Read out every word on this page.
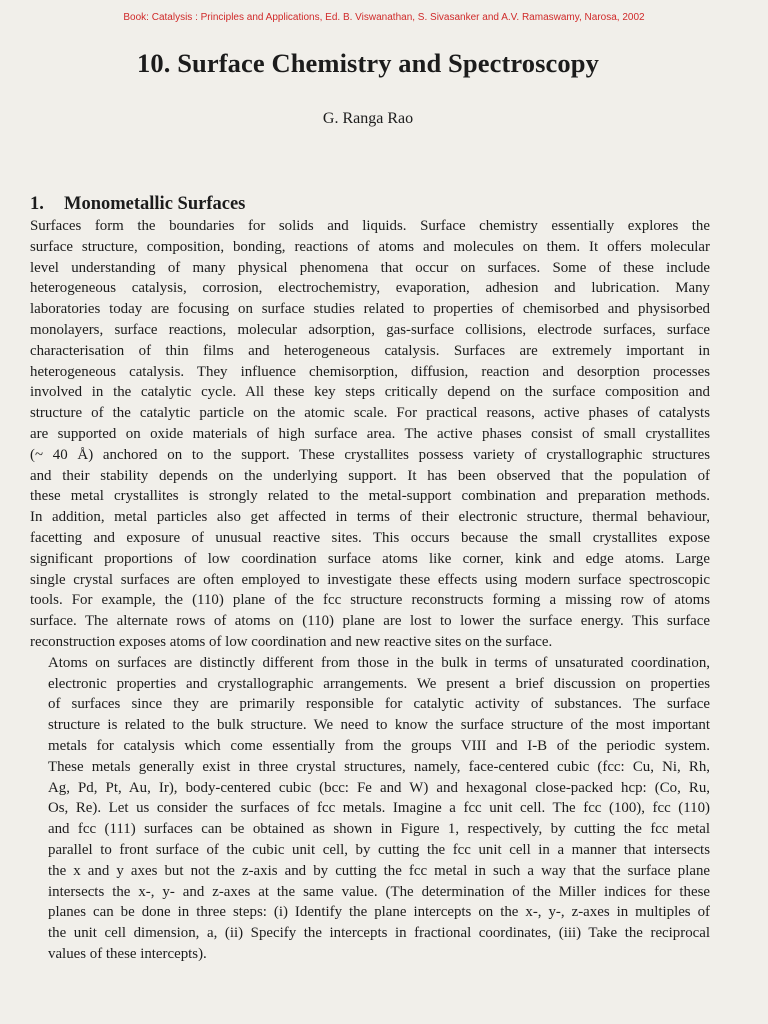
Book: Catalysis : Principles and Applications, Ed. B. Viswanathan, S. Sivasanker and A.V. Ramaswamy, Narosa, 2002
10. Surface Chemistry and Spectroscopy
G. Ranga Rao
1. Monometallic Surfaces

Surfaces form the boundaries for solids and liquids. Surface chemistry essentially explores the
surface structure, composition, bonding, reactions of atoms and molecules on them. It offers molecular
level understanding of many physical phenomena that occur on surfaces. Some of these include
heterogeneous catalysis, corrosion, electrochemistry, evaporation, adhesion and lubrication. Many
laboratories today are focusing on surface studies related to properties of chemisorbed and physisorbed
monolayers, surface reactions, molecular adsorption, gas-surface collisions, electrode surfaces, surface
characterisation of thin films and heterogeneous catalysis. Surfaces are extremely important in
heterogeneous catalysis. They influence chemisorption, diffusion, reaction and desorption processes
involved in the catalytic cycle. All these key steps critically depend on the surface composition and
structure of the catalytic particle on the atomic scale. For practical reasons, active phases of catalysts
are supported on oxide materials of high surface area. The active phases consist of small crystallites
(~ 40 Å) anchored on to the support. These crystallites possess variety of crystallographic structures
and their stability depends on the underlying support. It has been observed that the population of
these metal crystallites is strongly related to the metal-support combination and preparation methods.
In addition, metal particles also get affected in terms of their electronic structure, thermal behaviour,
facetting and exposure of unusual reactive sites. This occurs because the small crystallites expose
significant proportions of low coordination surface atoms like corner, kink and edge atoms. Large
single crystal surfaces are often employed to investigate these effects using modern surface spectroscopic
tools. For example, the (110) plane of the fcc structure reconstructs forming a missing row of atoms
surface. The alternate rows of atoms on (110) plane are lost to lower the surface energy. This surface
reconstruction exposes atoms of low coordination and new reactive sites on the surface.

Atoms on surfaces are distinctly different from those in the bulk in terms of unsaturated coordination,
electronic properties and crystallographic arrangements. We present a brief discussion on properties
of surfaces since they are primarily responsible for catalytic activity of substances. The surface
structure is related to the bulk structure. We need to know the surface structure of the most important
metals for catalysis which come essentially from the groups VIII and I-B of the periodic system.
These metals generally exist in three crystal structures, namely, face-centered cubic (fcc: Cu, Ni, Rh,
Ag, Pd, Pt, Au, Ir), body-centered cubic (bcc: Fe and W) and hexagonal close-packed hcp: (Co, Ru,
Os, Re). Let us consider the surfaces of fcc metals. Imagine a fcc unit cell. The fcc (100), fcc (110)
and fcc (111) surfaces can be obtained as shown in Figure 1, respectively, by cutting the fcc metal
parallel to front surface of the cubic unit cell, by cutting the fcc unit cell in a manner that intersects
the x and y axes but not the z-axis and by cutting the fcc metal in such a way that the surface plane
intersects the x-, y- and z-axes at the same value. (The determination of the Miller indices for these
planes can be done in three steps: (i) Identify the plane intercepts on the x-, y-, z-axes in multiples of
the unit cell dimension, a, (ii) Specify the intercepts in fractional coordinates, (iii) Take the reciprocal
values of these intercepts).
